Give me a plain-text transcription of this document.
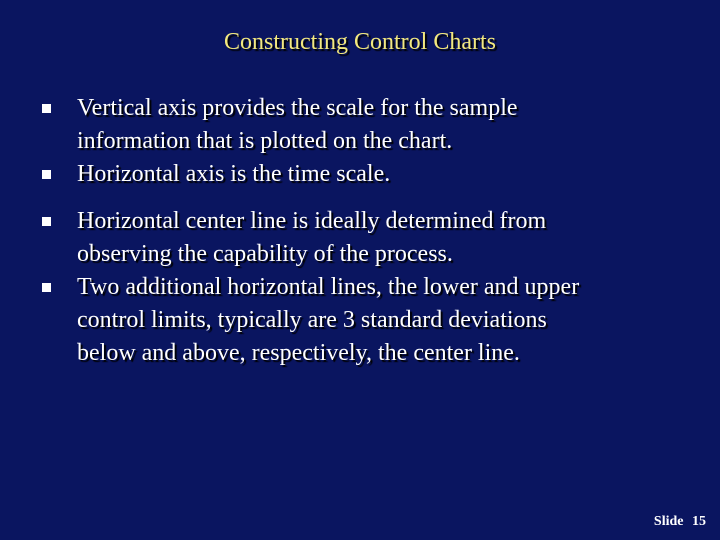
Constructing Control Charts
Vertical axis provides the scale for the sample
information that is plotted on the chart.
Horizontal axis is the time scale.
Horizontal center line is ideally determined from
observing the capability of the process.
Two additional horizontal lines, the lower and upper
control limits, typically are 3 standard deviations
below and above, respectively, the center line.
Slide 15
